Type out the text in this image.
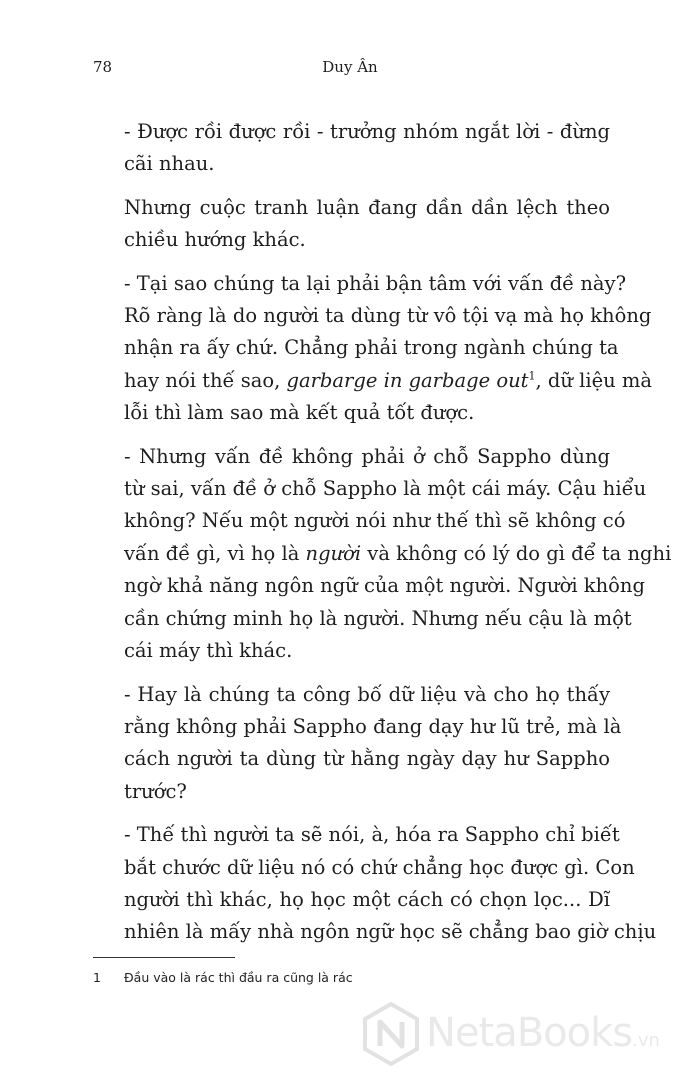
78	Duy Ân

- Được rồi được rồi - trưởng nhóm ngắt lời - đừng
cãi nhau.

Nhưng cuộc tranh luận đang dần dần lệch theo
chiều hướng khác.

- Tại sao chúng ta lại phải bận tâm với vấn đề này?
Rõ ràng là do người ta dùng từ vô tội vạ mà họ không
nhận ra ấy chứ. Chẳng phải trong ngành chúng ta
hay nói thế sao, garbarge in garbage out$^1$, dữ liệu mà
lỗi thì làm sao mà kết quả tốt được.

- Nhưng vấn đề không phải ở chỗ Sappho dùng
từ sai, vấn đề ở chỗ Sappho là một cái máy. Cậu hiểu
không? Nếu một người nói như thế thì sẽ không có
vấn đề gì, vì họ là người và không có lý do gì để ta nghi
ngờ khả năng ngôn ngữ của một người. Người không
cần chứng minh họ là người. Nhưng nếu cậu là một
cái máy thì khác.

- Hay là chúng ta công bố dữ liệu và cho họ thấy
rằng không phải Sappho đang dạy hư lũ trẻ, mà là
cách người ta dùng từ hằng ngày dạy hư Sappho
trước?

- Thế thì người ta sẽ nói, à, hóa ra Sappho chỉ biết
bắt chước dữ liệu nó có chứ chẳng học được gì. Con
người thì khác, họ học một cách có chọn lọc... Dĩ
nhiên là mấy nhà ngôn ngữ học sẽ chẳng bao giờ chịu

1 Đầu vào là rác thì đầu ra cũng là rác
NetaBooks.vn
